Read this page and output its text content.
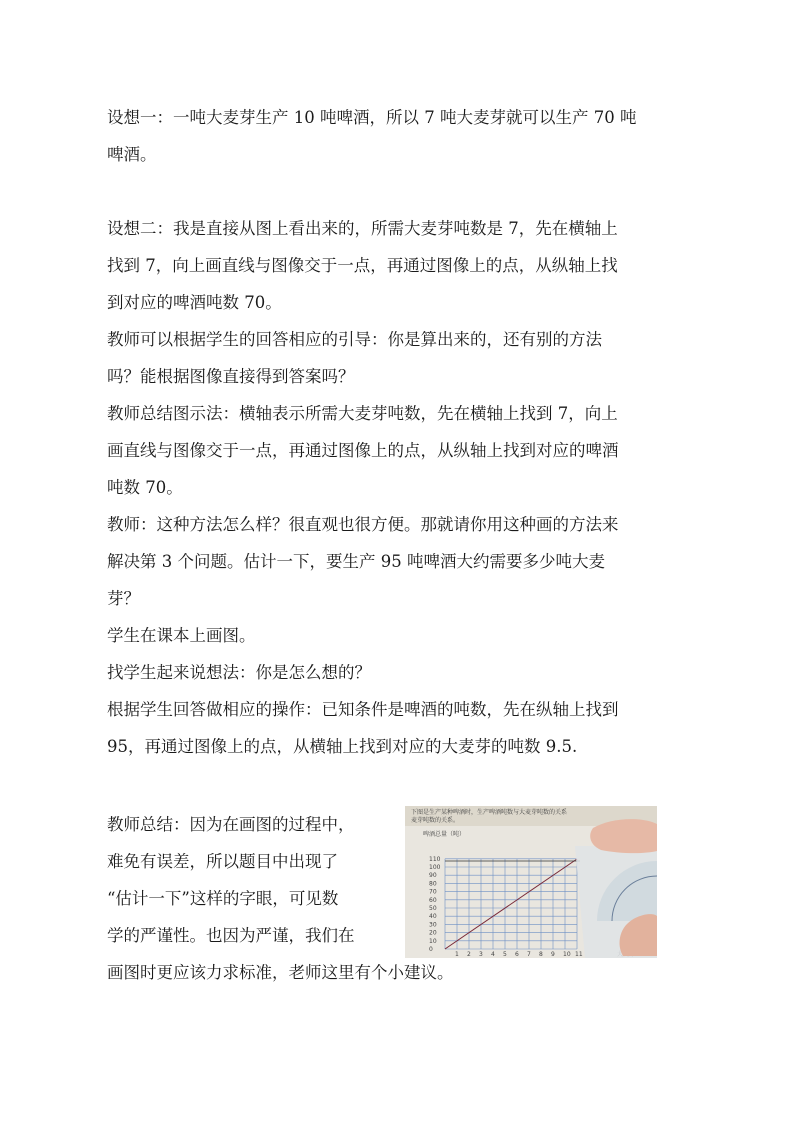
设想一：一吨大麦芽生产 10 吨啤酒，所以 7 吨大麦芽就可以生产 70 吨
啤酒。
设想二：我是直接从图上看出来的，所需大麦芽吨数是 7，先在横轴上
找到 7，向上画直线与图像交于一点，再通过图像上的点，从纵轴上找
到对应的啤酒吨数 70。
教师可以根据学生的回答相应的引导：你是算出来的，还有别的方法
吗？能根据图像直接得到答案吗？
教师总结图示法：横轴表示所需大麦芽吨数，先在横轴上找到 7，向上
画直线与图像交于一点，再通过图像上的点，从纵轴上找到对应的啤酒
吨数 70。
教师：这种方法怎么样？很直观也很方便。那就请你用这种画的方法来
解决第 3 个问题。估计一下，要生产 95 吨啤酒大约需要多少吨大麦
芽？
学生在课本上画图。
找学生起来说想法：你是怎么想的？
根据学生回答做相应的操作：已知条件是啤酒的吨数，先在纵轴上找到
95，再通过图像上的点，从横轴上找到对应的大麦芽的吨数 9.5.
教师总结：因为在画图的过程中，
难免有误差，所以题目中出现了
“估计一下”这样的字眼，可见数
学的严谨性。也因为严谨，我们在
画图时更应该力求标准，老师这里有个小建议。
下图是生产某种啤酒时，生产啤酒吨数与大麦芽吨数的关系
麦芽吨数的关系。
啤酒总量（吨）
110
100
90
80
70
60
50
40
30
20
10
0
1 2 3 4 5 6 7 8 9 10 11
